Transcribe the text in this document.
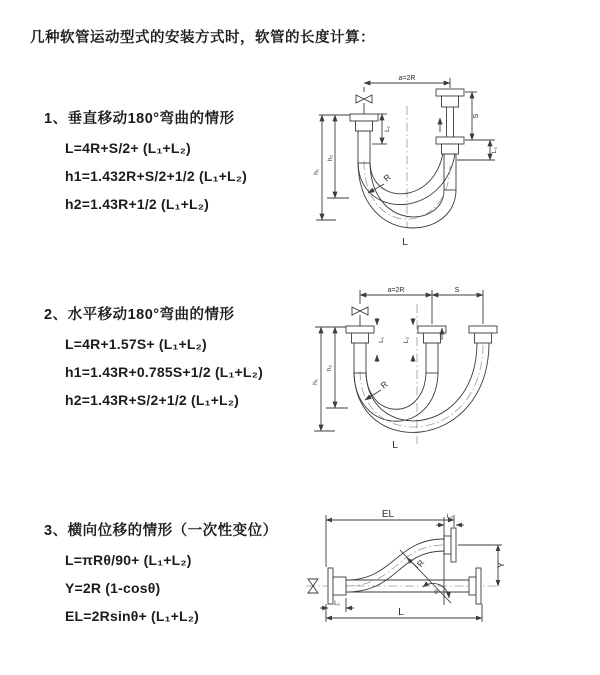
几种软管运动型式的安装方式时，软管的长度计算：
1、垂直移动180°弯曲的情形
L=4R+S/2+ (L₁+L₂)
h1=1.432R+S/2+1/2 (L₁+L₂)
h2=1.43R+1/2 (L₁+L₂)
2、水平移动180°弯曲的情形
L=4R+1.57S+ (L₁+L₂)
h1=1.43R+0.785S+1/2 (L₁+L₂)
h2=1.43R+S/2+1/2 (L₁+L₂)
3、横向位移的情形（一次性变位）
L=πRθ/90+ (L₁+L₂)
Y=2R (1-cosθ)
EL=2Rsinθ+ (L₁+L₂)
a=2R
L₁
S
L₂
h₂
h₁	R
L
a=2R	S
L₁	L₂
h₂
h₁	R
L
θ
EL	L₂
Y
R
L
L₁
